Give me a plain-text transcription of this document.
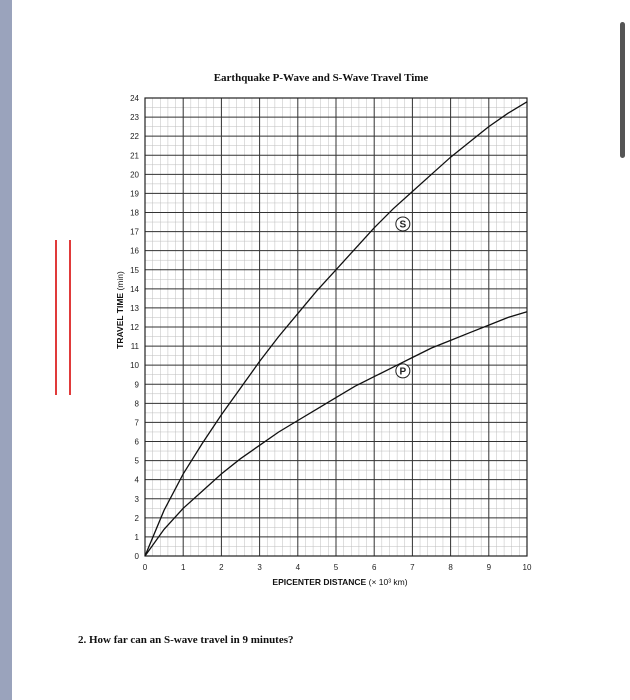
Earthquake P-Wave and S-Wave Travel Time
0	1	2	3	4	5	6	7	8	9	10
0
1
2
3
4
5
6
7
8
9
10
11
12
13
14
15
16
17
18
19
20
21
22
23
24
S
P
TRAVEL TIME (min)
EPICENTER DISTANCE (× 10³ km)
2. How far can an S-wave travel in 9 minutes?
